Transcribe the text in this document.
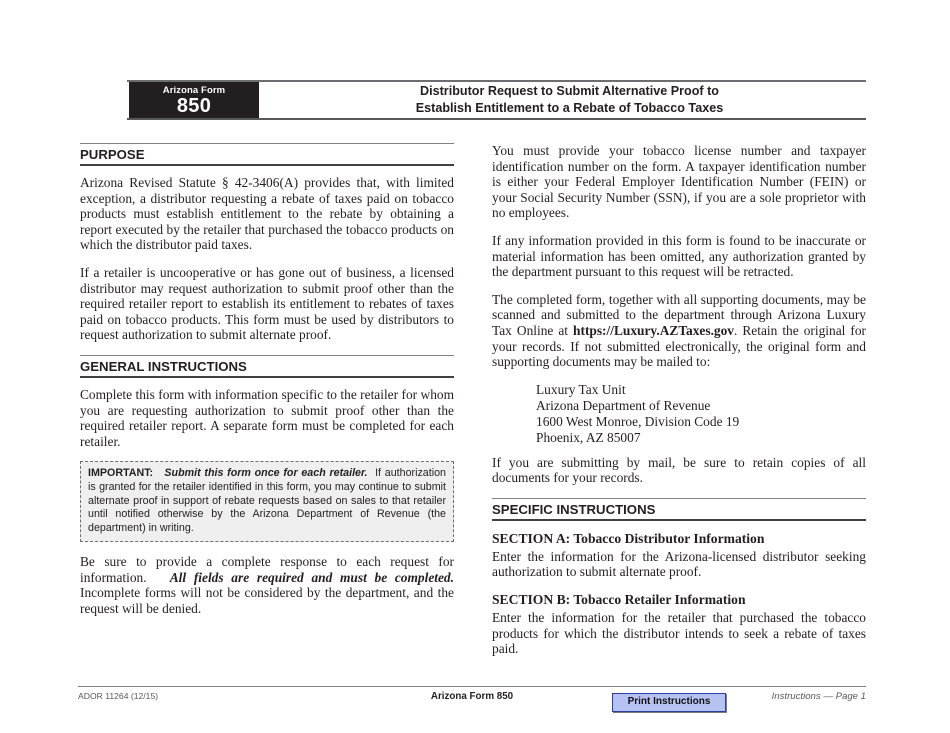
Arizona Form
850
Distributor Request to Submit Alternative Proof to
Establish Entitlement to a Rebate of Tobacco Taxes
PURPOSE

Arizona Revised Statute § 42-3406(A) provides that, with limited exception, a distributor requesting a rebate of taxes paid on tobacco products must establish entitlement to the rebate by obtaining a report executed by the retailer that purchased the tobacco products on which the distributor paid taxes.

If a retailer is uncooperative or has gone out of business, a licensed distributor may request authorization to submit proof other than the required retailer report to establish its entitlement to rebates of taxes paid on tobacco products. This form must be used by distributors to request authorization to submit alternate proof.

GENERAL INSTRUCTIONS

Complete this form with information specific to the retailer for whom you are requesting authorization to submit proof other than the required retailer report. A separate form must be completed for each retailer.

IMPORTANT: Submit this form once for each retailer. If authorization is granted for the retailer identified in this form, you may continue to submit alternate proof in support of rebate requests based on sales to that retailer until notified otherwise by the Arizona Department of Revenue (the department) in writing.

Be sure to provide a complete response to each request for information. All fields are required and must be completed. Incomplete forms will not be considered by the department, and the request will be denied.

You must provide your tobacco license number and taxpayer identification number on the form. A taxpayer identification number is either your Federal Employer Identification Number (FEIN) or your Social Security Number (SSN), if you are a sole proprietor with no employees.

If any information provided in this form is found to be inaccurate or material information has been omitted, any authorization granted by the department pursuant to this request will be retracted.

The completed form, together with all supporting documents, may be scanned and submitted to the department through Arizona Luxury Tax Online at https://Luxury.AZTaxes.gov. Retain the original for your records. If not submitted electronically, the original form and supporting documents may be mailed to:

Luxury Tax Unit
Arizona Department of Revenue
1600 West Monroe, Division Code 19
Phoenix, AZ 85007

If you are submitting by mail, be sure to retain copies of all documents for your records.

SPECIFIC INSTRUCTIONS
SECTION A: Tobacco Distributor Information

Enter the information for the Arizona-licensed distributor seeking authorization to submit alternate proof.

SECTION B: Tobacco Retailer Information

Enter the information for the retailer that purchased the tobacco products for which the distributor intends to seek a rebate of taxes paid.

ADOR 11264 (12/15)	Arizona Form 850	Print Instructions	Instructions — Page 1
